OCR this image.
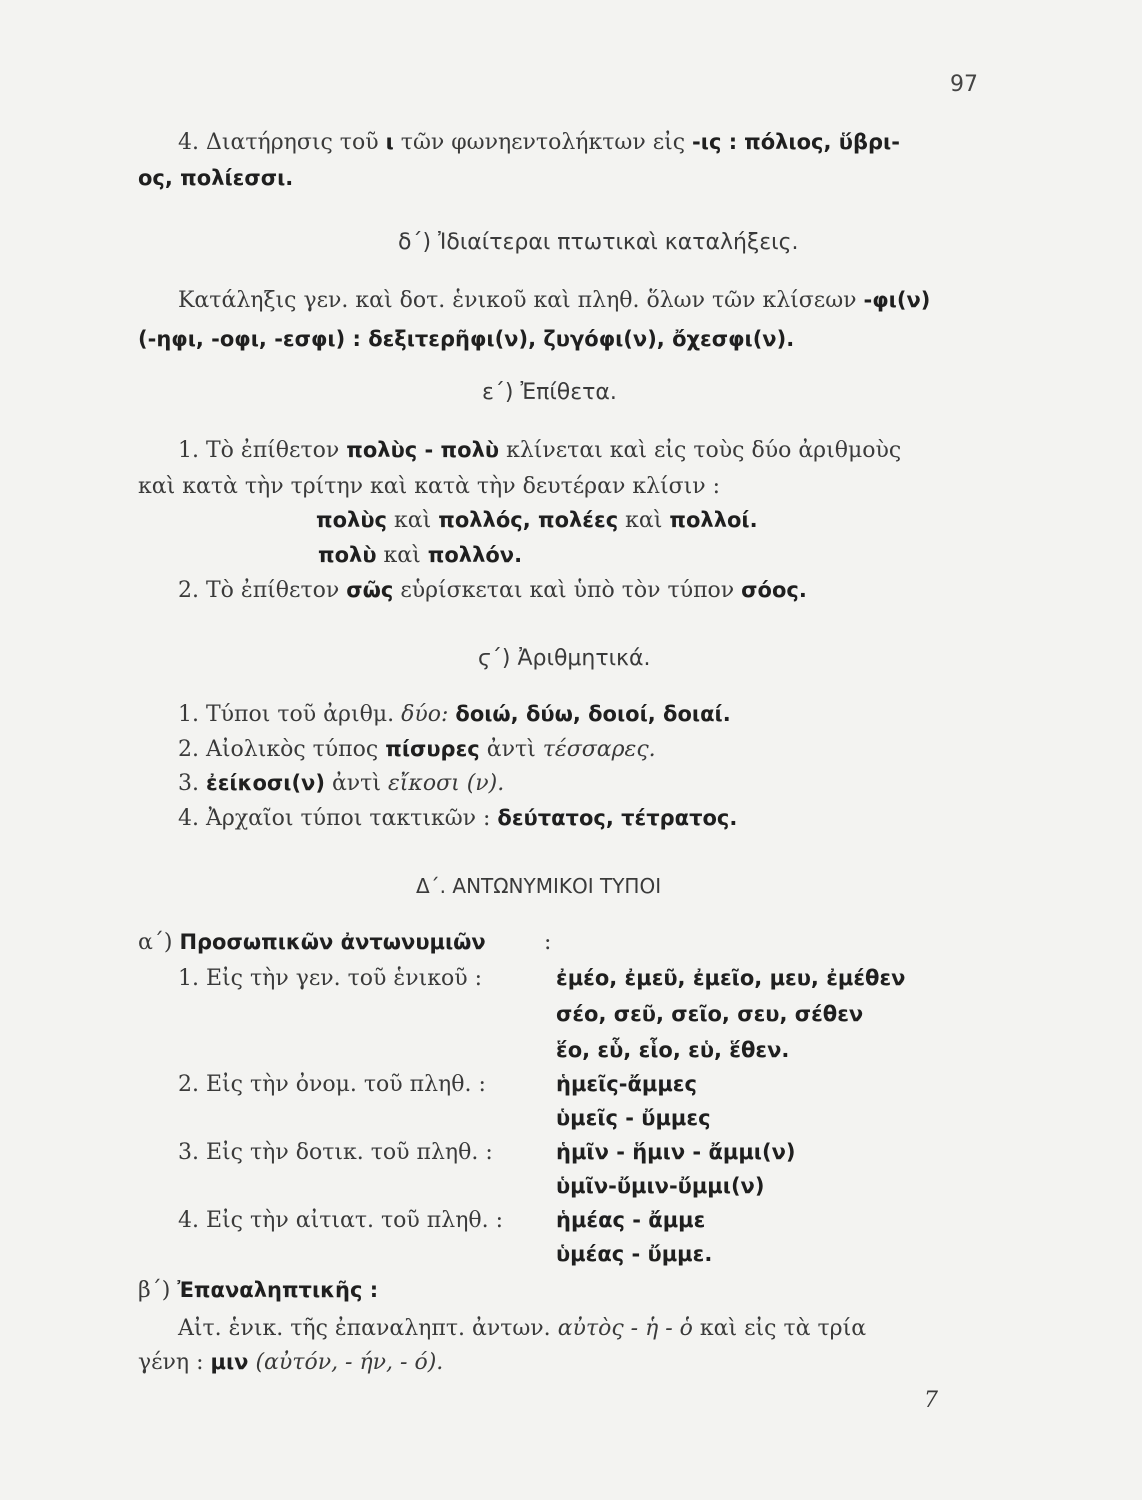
97
4. Διατήρησις τοῦ ι τῶν φωνηεντολήκτων εἰς -ις : πόλιος, ὕβρι-
ος, πολίεσσι.
δ΄) Ἰδιαίτεραι πτωτικαὶ καταλήξεις.
Κατάληξις γεν. καὶ δοτ. ἑνικοῦ καὶ πληθ. ὅλων τῶν κλίσεων -φι(ν)
(-ηφι, -οφι, -εσφι) : δεξιτερῆφι(ν), ζυγόφι(ν), ὄχεσφι(ν).
ε΄) Ἐπίθετα.
1. Τὸ ἐπίθετον πολὺς - πολὺ κλίνεται καὶ εἰς τοὺς δύο ἀριθμοὺς
καὶ κατὰ τὴν τρίτην καὶ κατὰ τὴν δευτέραν κλίσιν :
πολὺς καὶ πολλός, πολέες καὶ πολλοί.
πολὺ καὶ πολλόν.
2. Τὸ ἐπίθετον σῶς εὑρίσκεται καὶ ὑπὸ τὸν τύπον σόος.
ϛ΄) Ἀριθμητικά.
1. Τύποι τοῦ ἀριθμ. δύο: δοιώ, δύω, δοιοί, δοιαί.
2. Αἰολικὸς τύπος πίσυρες ἀντὶ τέσσαρες.
3. ἐείκοσι(ν) ἀντὶ εἴκοσι (ν).
4. Ἀρχαῖοι τύποι τακτικῶν : δεύτατος, τέτρατος.
Δ΄. ΑΝΤΩΝΥΜΙΚΟΙ ΤΥΠΟΙ
α΄) Προσωπικῶν ἀντωνυμιῶν	:
1. Εἰς τὴν γεν. τοῦ ἑνικοῦ :	ἐμέο, ἐμεῦ, ἐμεῖο, μευ, ἐμέθεν
σέο, σεῦ, σεῖο, σευ, σέθεν
ἕο, εὗ, εἷο, εὑ, ἕθεν.
2. Εἰς τὴν ὀνομ. τοῦ πληθ. :	ἡμεῖς-ἄμμες
ὑμεῖς - ὔμμες
3. Εἰς τὴν δοτικ. τοῦ πληθ. :	ἡμῖν - ἥμιν - ἄμμι(ν)
ὑμῖν-ὔμιν-ὔμμι(ν)
4. Εἰς τὴν αἰτιατ. τοῦ πληθ. :	ἡμέας - ἄμμε
ὑμέας - ὔμμε.
β΄) Ἐπαναληπτικῆς :
Αἰτ. ἑνικ. τῆς ἐπαναληπτ. ἀντων. αὐτὸς - ἡ - ὁ καὶ εἰς τὰ τρία
γένη : μιν (αὐτόν, - ήν, - ό).
7
